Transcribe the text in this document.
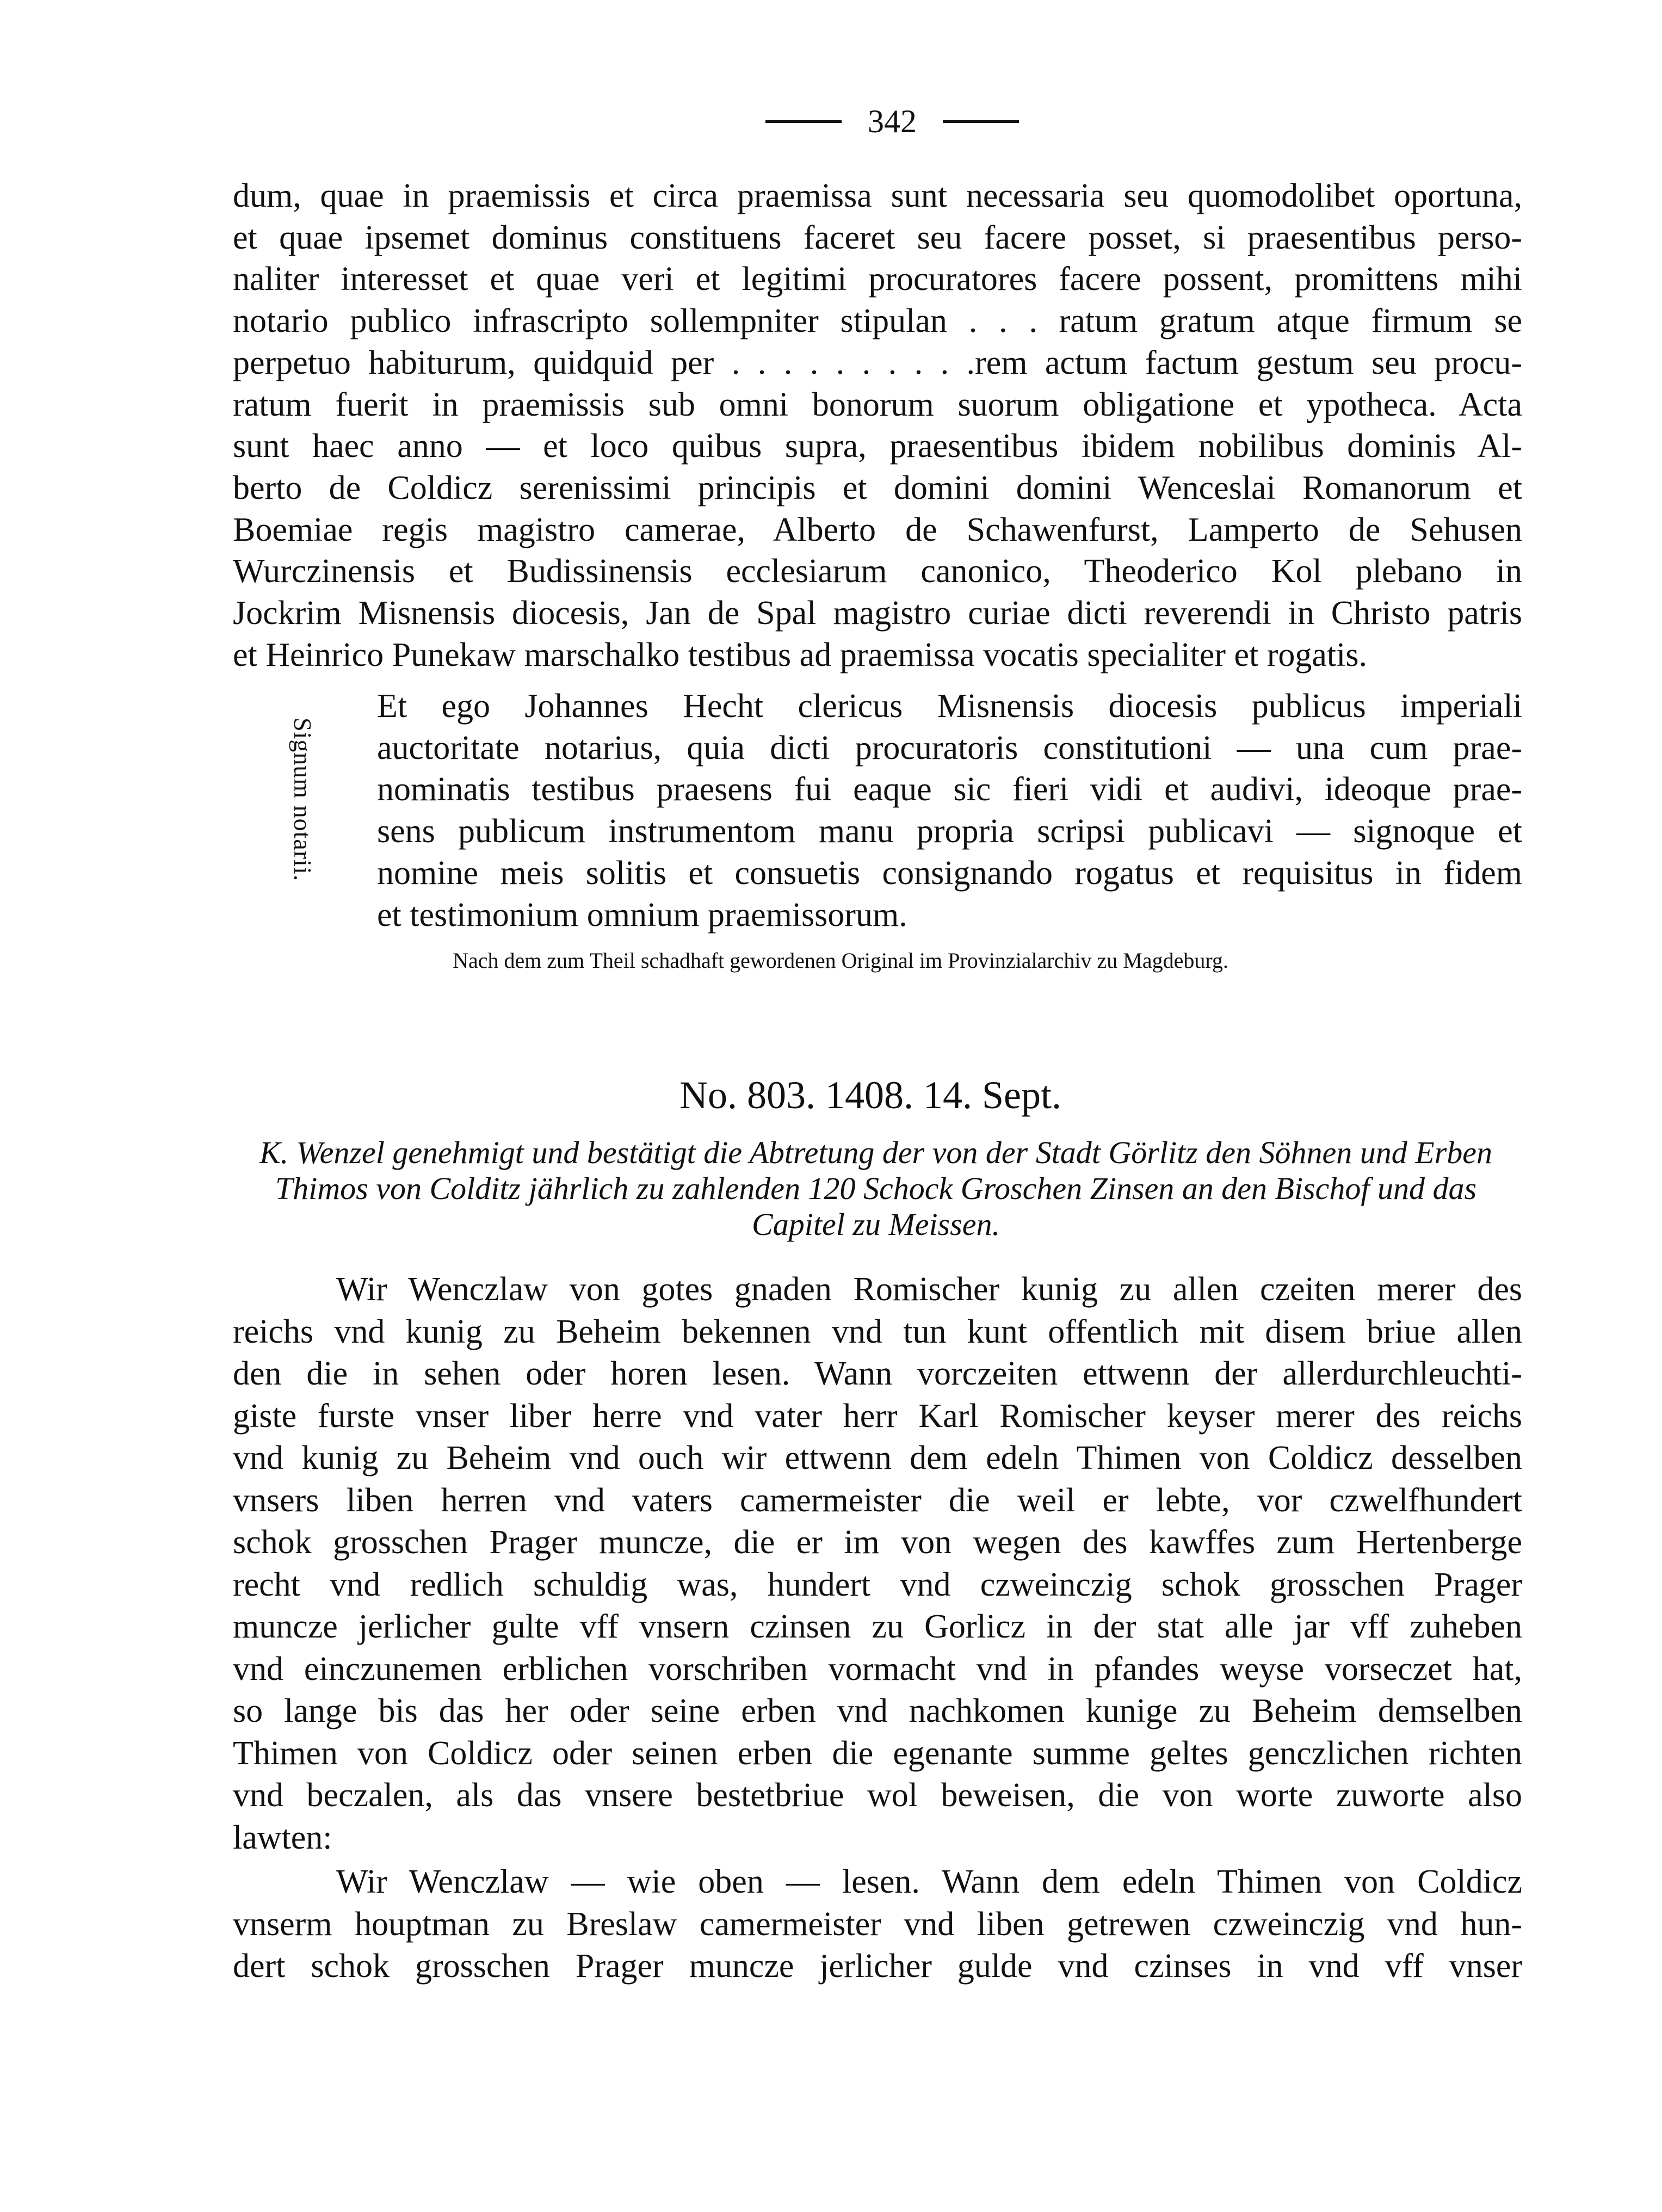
342

dum, quae in praemissis et circa praemissa sunt necessaria seu quomodolibet oportuna,

et quae ipsemet dominus constituens faceret seu facere posset, si praesentibus perso-

naliter interesset et quae veri et legitimi procuratores facere possent, promittens mihi

notario publico infrascripto sollempniter stipulan . . . ratum gratum atque firmum se

perpetuo habiturum, quidquid per . . . . . . . . . .rem actum factum gestum seu procu-

ratum fuerit in praemissis sub omni bonorum suorum obligatione et ypotheca. Acta

sunt haec anno — et loco quibus supra, praesentibus ibidem nobilibus dominis Al-

berto de Coldicz serenissimi principis et domini domini Wenceslai Romanorum et

Boemiae regis magistro camerae, Alberto de Schawenfurst, Lamperto de Sehusen

Wurczinensis et Budissinensis ecclesiarum canonico, Theoderico Kol plebano in

Jockrim Misnensis diocesis, Jan de Spal magistro curiae dicti reverendi in Christo patris

et Heinrico Punekaw marschalko testibus ad praemissa vocatis specialiter et rogatis.

Signum notarii.

Et ego Johannes Hecht clericus Misnensis diocesis publicus imperiali

auctoritate notarius, quia dicti procuratoris constitutioni — una cum prae-

nominatis testibus praesens fui eaque sic fieri vidi et audivi, ideoque prae-

sens publicum instrumentom manu propria scripsi publicavi — signoque et

nomine meis solitis et consuetis consignando rogatus et requisitus in fidem

et testimonium omnium praemissorum.

Nach dem zum Theil schadhaft gewordenen Original im Provinzialarchiv zu Magdeburg.
No. 803. 1408. 14. Sept.
K. Wenzel genehmigt und bestätigt die Abtretung der von der Stadt Görlitz den Söhnen und Erben
Thimos von Colditz jährlich zu zahlenden 120 Schock Groschen Zinsen an den Bischof und das
Capitel zu Meissen.

Wir Wenczlaw von gotes gnaden Romischer kunig zu allen czeiten merer des

reichs vnd kunig zu Beheim bekennen vnd tun kunt offentlich mit disem briue allen

den die in sehen oder horen lesen. Wann vorczeiten ettwenn der allerdurchleuchti-

giste furste vnser liber herre vnd vater herr Karl Romischer keyser merer des reichs

vnd kunig zu Beheim vnd ouch wir ettwenn dem edeln Thimen von Coldicz desselben

vnsers liben herren vnd vaters camermeister die weil er lebte, vor czwelfhundert

schok grosschen Prager muncze, die er im von wegen des kawffes zum Hertenberge

recht vnd redlich schuldig was, hundert vnd czweinczig schok grosschen Prager

muncze jerlicher gulte vff vnsern czinsen zu Gorlicz in der stat alle jar vff zuheben

vnd einczunemen erblichen vorschriben vormacht vnd in pfandes weyse vorseczet hat,

so lange bis das her oder seine erben vnd nachkomen kunige zu Beheim demselben

Thimen von Coldicz oder seinen erben die egenante summe geltes genczlichen richten

vnd beczalen, als das vnsere bestetbriue wol beweisen, die von worte zuworte also

lawten:

Wir Wenczlaw — wie oben — lesen. Wann dem edeln Thimen von Coldicz

vnserm houptman zu Breslaw camermeister vnd liben getrewen czweinczig vnd hun-

dert schok grosschen Prager muncze jerlicher gulde vnd czinses in vnd vff vnser
